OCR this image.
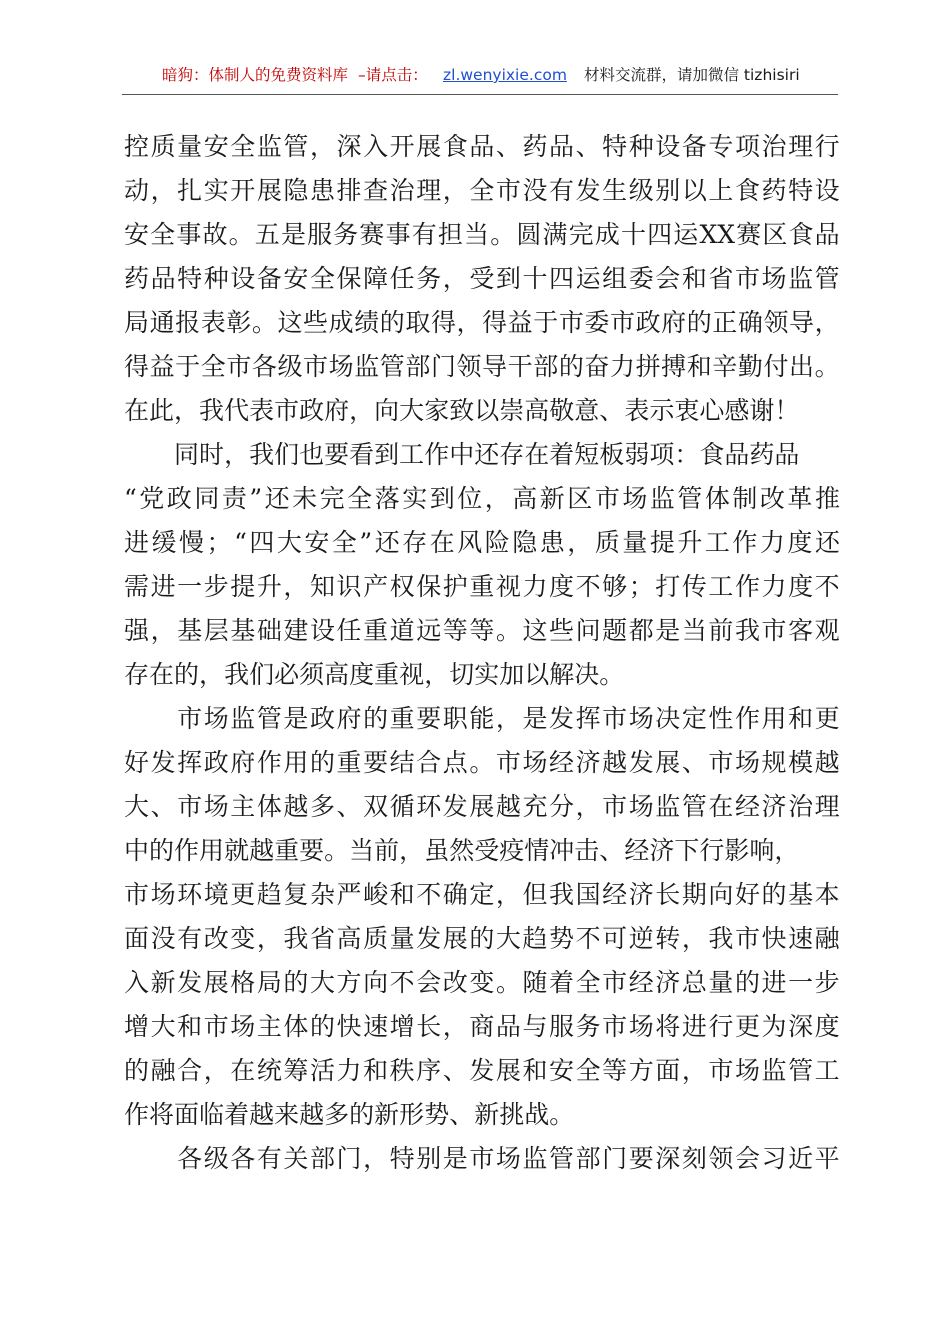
暗狗：体制人的免费资料库 –请点击： zl.wenyixie.com 材料交流群，请加微信 tizhisiri
控 质 量 安 全 监 管 ， 深 入 开 展 食 品 、 药 品 、 特 种 设 备 专 项 治 理 行
动 ， 扎 实 开 展 隐 患 排 查 治 理 ， 全 市 没 有 发 生 级 别 以 上 食 药 特 设
安 全 事 故 。 五 是 服 务 赛 事 有 担 当 。 圆 满 完 成 十 四 运 XX 赛 区 食 品
药 品 特 种 设 备 安 全 保 障 任 务 ， 受 到 十 四 运 组 委 会 和 省 市 场 监 管
局 通 报 表 彰 。 这 些 成 绩 的 取 得 ， 得 益 于 市 委 市 政 府 的 正 确 领 导 ，
得 益 于 全 市 各 级 市 场 监 管 部 门 领 导 干 部 的 奋 力 拼 搏 和 辛 勤 付 出 。
在 此 ， 我 代 表 市 政 府 ， 向 大 家 致 以 崇 高 敬 意 、 表 示 衷 心 感 谢 ！

同 时 ， 我 们 也 要 看 到 工 作 中 还 存 在 着 短 板 弱 项 ： 食 品 药 品
“ 党 政 同 责 ” 还 未 完 全 落 实 到 位 ， 高 新 区 市 场 监 管 体 制 改 革 推
进 缓 慢 ； “ 四 大 安 全 ” 还 存 在 风 险 隐 患 ， 质 量 提 升 工 作 力 度 还
需 进 一 步 提 升 ， 知 识 产 权 保 护 重 视 力 度 不 够 ； 打 传 工 作 力 度 不
强 ， 基 层 基 础 建 设 任 重 道 远 等 等 。 这 些 问 题 都 是 当 前 我 市 客 观
存 在 的 ， 我 们 必 须 高 度 重 视 ， 切 实 加 以 解 决 。

市 场 监 管 是 政 府 的 重 要 职 能 ， 是 发 挥 市 场 决 定 性 作 用 和 更
好 发 挥 政 府 作 用 的 重 要 结 合 点 。 市 场 经 济 越 发 展 、 市 场 规 模 越
大 、 市 场 主 体 越 多 、 双 循 环 发 展 越 充 分 ， 市 场 监 管 在 经 济 治 理
中 的 作 用 就 越 重 要 。 当 前 ， 虽 然 受 疫 情 冲 击 、 经 济 下 行 影 响 ，
市 场 环 境 更 趋 复 杂 严 峻 和 不 确 定 ， 但 我 国 经 济 长 期 向 好 的 基 本
面 没 有 改 变 ， 我 省 高 质 量 发 展 的 大 趋 势 不 可 逆 转 ， 我 市 快 速 融
入 新 发 展 格 局 的 大 方 向 不 会 改 变 。 随 着 全 市 经 济 总 量 的 进 一 步
增 大 和 市 场 主 体 的 快 速 增 长 ， 商 品 与 服 务 市 场 将 进 行 更 为 深 度
的 融 合 ， 在 统 筹 活 力 和 秩 序 、 发 展 和 安 全 等 方 面 ， 市 场 监 管 工
作 将 面 临 着 越 来 越 多 的 新 形 势 、 新 挑 战 。

各 级 各 有 关 部 门 ， 特 别 是 市 场 监 管 部 门 要 深 刻 领 会 习 近 平
